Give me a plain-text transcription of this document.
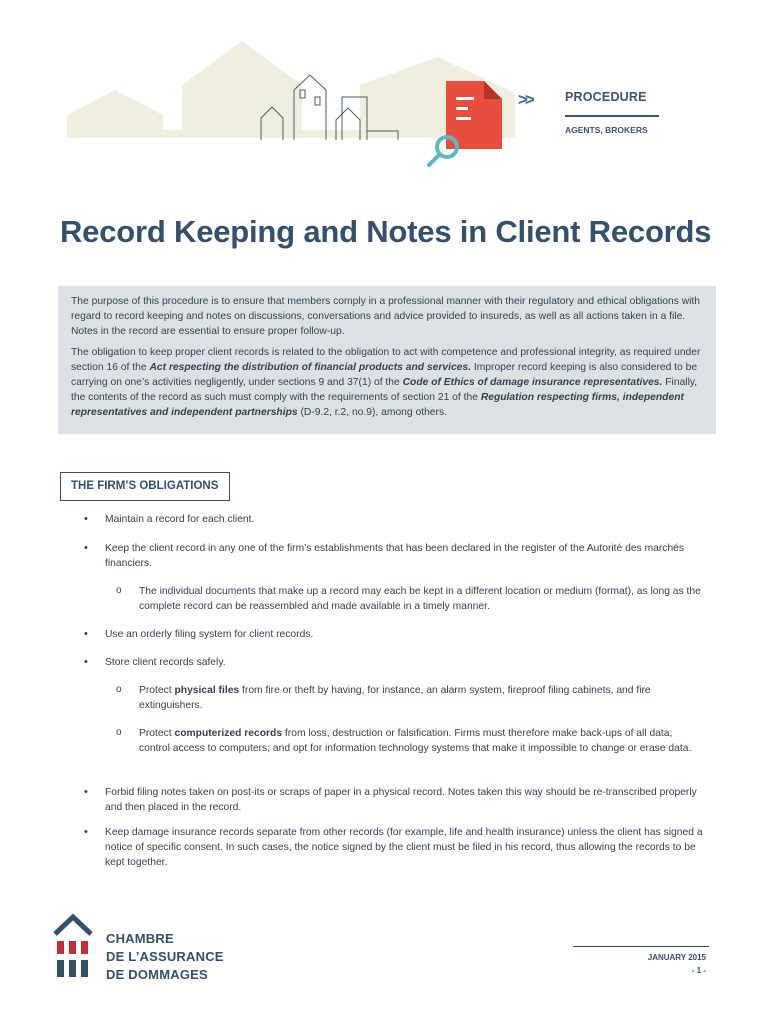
>>	PROCEDURE
AGENTS, BROKERS
Record Keeping and Notes in Client Records

The purpose of this procedure is to ensure that members comply in a professional manner with their regulatory and ethical obligations with regard to record keeping and notes on discussions, conversations and advice provided to insureds, as well as all actions taken in a file. Notes in the record are essential to ensure proper follow-up.

The obligation to keep proper client records is related to the obligation to act with competence and professional integrity, as required under section 16 of the Act respecting the distribution of financial products and services. Improper record keeping is also considered to be carrying on one’s activities negligently, under sections 9 and 37(1) of the Code of Ethics of damage insurance representatives. Finally, the contents of the record as such must comply with the requirements of section 21 of the Regulation respecting firms, independent representatives and independent partnerships (D-9.2, r.2, no.9), among others.

THE FIRM’S OBLIGATIONS
• Maintain a record for each client.
• Keep the client record in any one of the firm’s establishments that has been declared in the register of the Autorité des marchés financiers.
o The individual documents that make up a record may each be kept in a different location or medium (format), as long as the complete record can be reassembled and made available in a timely manner.
• Use an orderly filing system for client records.
• Store client records safely.
o Protect physical files from fire or theft by having, for instance, an alarm system, fireproof filing cabinets, and fire extinguishers.
o Protect computerized records from loss, destruction or falsification. Firms must therefore make back-ups of all data; control access to computers; and opt for information technology systems that make it impossible to change or erase data.
• Forbid filing notes taken on post-its or scraps of paper in a physical record. Notes taken this way should be re-transcribed properly and then placed in the record.
• Keep damage insurance records separate from other records (for example, life and health insurance) unless the client has signed a notice of specific consent. In such cases, the notice signed by the client must be filed in his record, thus allowing the records to be kept together.
CHAMBRE
DE L’ASSURANCE
DE DOMMAGES
JANUARY 2015
- 1 -
